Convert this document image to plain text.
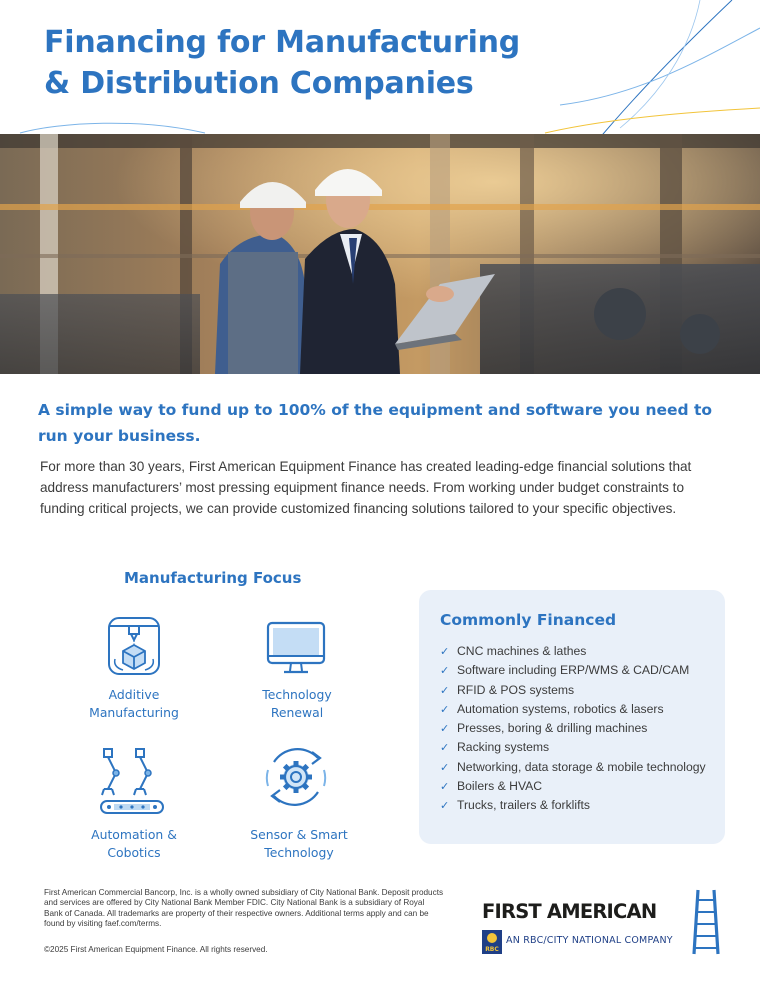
Financing for Manufacturing
& Distribution Companies
A simple way to fund up to 100% of the equipment and software you need to run your business.

For more than 30 years, First American Equipment Finance has created leading-edge financial solutions that address manufacturers’ most pressing equipment finance needs. From working under budget constraints to funding critical projects, we can provide customized financing solutions tailored to your specific objectives.

Manufacturing Focus
Additive
Manufacturing
Technology
Renewal
Automation &
Cobotics
Sensor & Smart
Technology
Commonly Financed
✓ CNC machines & lathes
✓ Software including ERP/WMS & CAD/CAM
✓ RFID & POS systems
✓ Automation systems, robotics & lasers
✓ Presses, boring & drilling machines
✓ Racking systems
✓ Networking, data storage & mobile technology
✓ Boilers & HVAC
✓ Trucks, trailers & forklifts

First American Commercial Bancorp, Inc. is a wholly owned subsidiary of City National Bank. Deposit products and services are offered by City National Bank Member FDIC. City National Bank is a subsidiary of Royal Bank of Canada. All trademarks are property of their respective owners. Additional terms apply and can be found by visiting faef.com/terms.

©2025 First American Equipment Finance. All rights reserved.

FIRST AMERICAN

RBC

AN RBC/CITY NATIONAL COMPANY
